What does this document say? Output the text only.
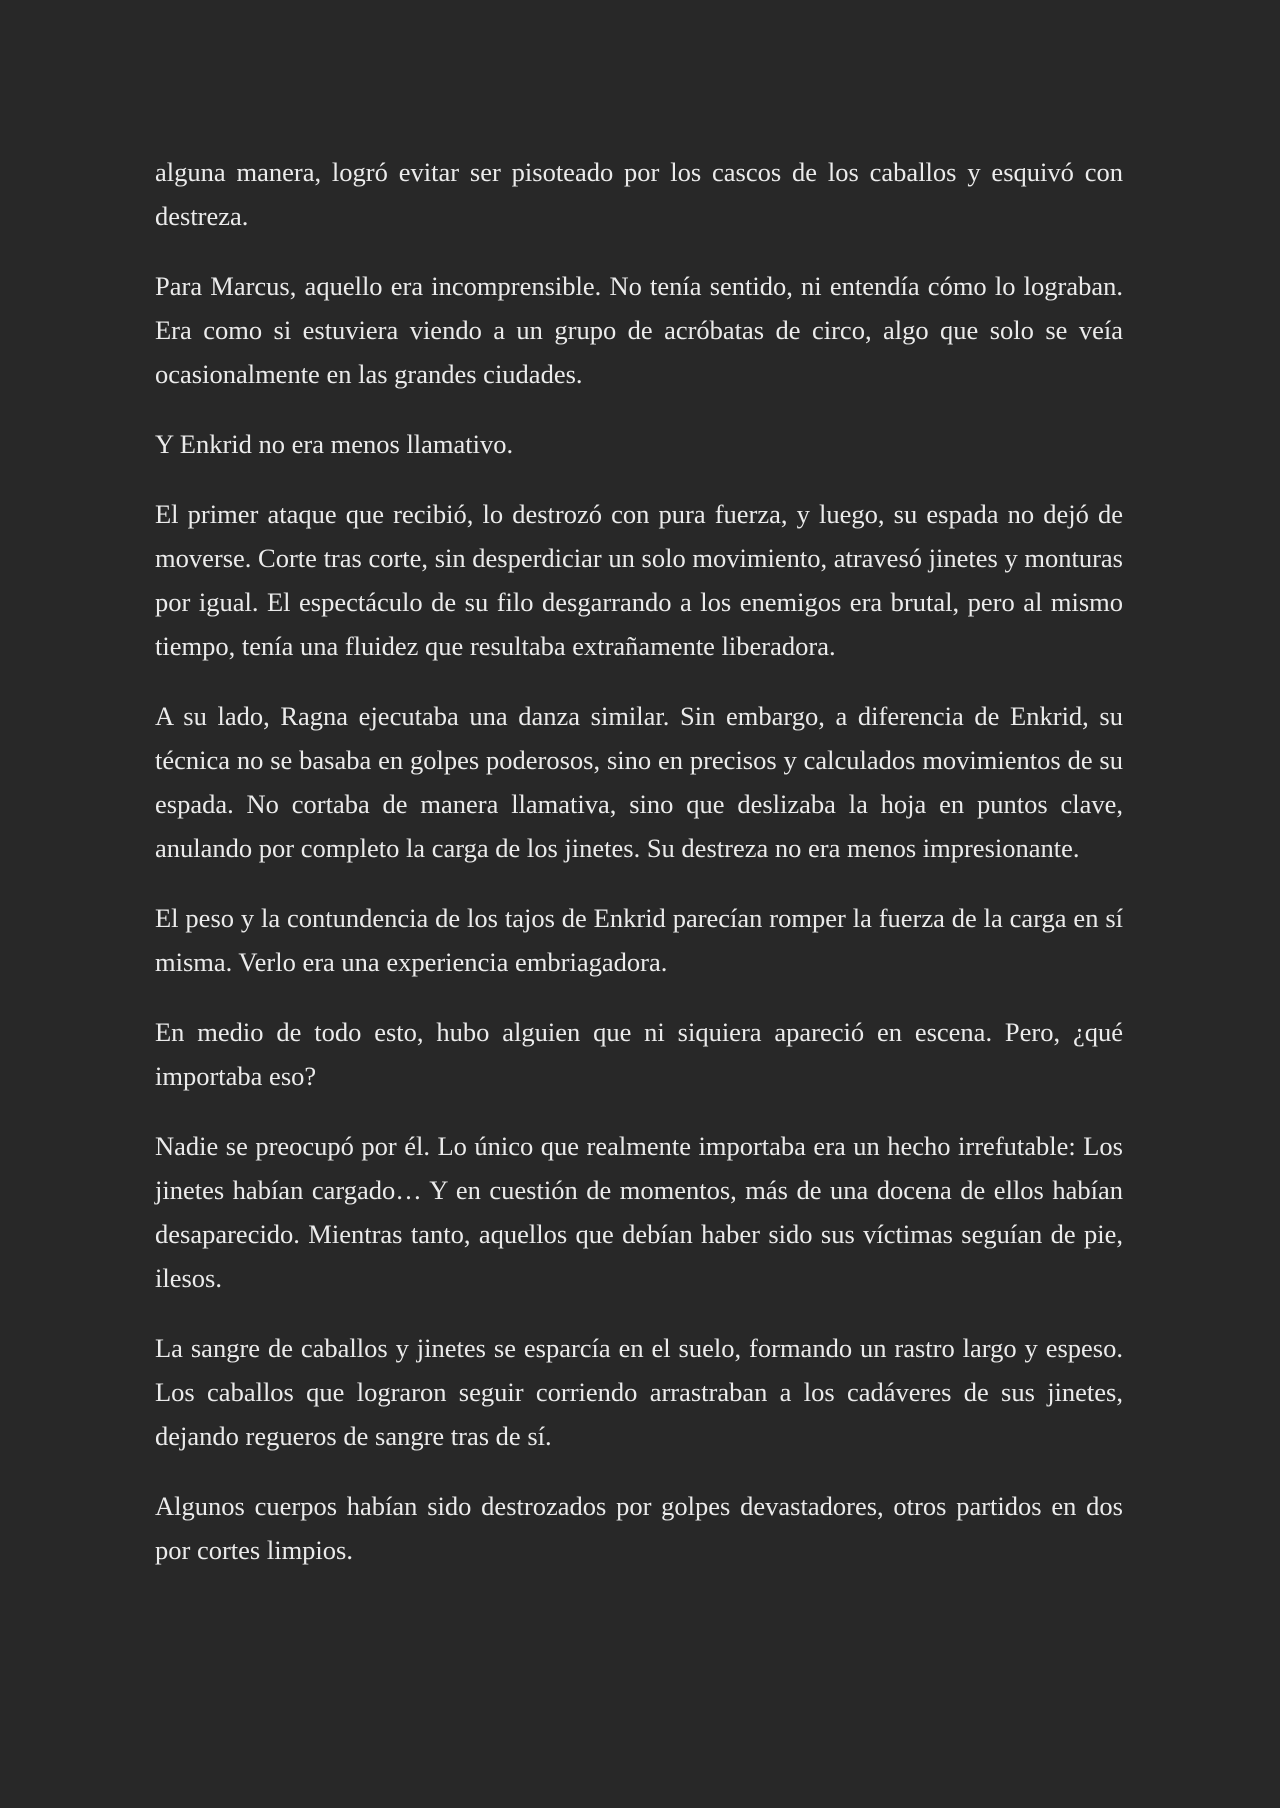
alguna manera, logró evitar ser pisoteado por los cascos de los caballos y esquivó con destreza.

Para Marcus, aquello era incomprensible. No tenía sentido, ni entendía cómo lo lograban. Era como si estuviera viendo a un grupo de acróbatas de circo, algo que solo se veía ocasionalmente en las grandes ciudades.

Y Enkrid no era menos llamativo.

El primer ataque que recibió, lo destrozó con pura fuerza, y luego, su espada no dejó de moverse. Corte tras corte, sin desperdiciar un solo movimiento, atravesó jinetes y monturas por igual. El espectáculo de su filo desgarrando a los enemigos era brutal, pero al mismo tiempo, tenía una fluidez que resultaba extrañamente liberadora.

A su lado, Ragna ejecutaba una danza similar. Sin embargo, a diferencia de Enkrid, su técnica no se basaba en golpes poderosos, sino en precisos y calculados movimientos de su espada. No cortaba de manera llamativa, sino que deslizaba la hoja en puntos clave, anulando por completo la carga de los jinetes. Su destreza no era menos impresionante.

El peso y la contundencia de los tajos de Enkrid parecían romper la fuerza de la carga en sí misma. Verlo era una experiencia embriagadora.

En medio de todo esto, hubo alguien que ni siquiera apareció en escena. Pero, ¿qué importaba eso?

Nadie se preocupó por él. Lo único que realmente importaba era un hecho irrefutable: Los jinetes habían cargado… Y en cuestión de momentos, más de una docena de ellos habían desaparecido. Mientras tanto, aquellos que debían haber sido sus víctimas seguían de pie, ilesos.

La sangre de caballos y jinetes se esparcía en el suelo, formando un rastro largo y espeso. Los caballos que lograron seguir corriendo arrastraban a los cadáveres de sus jinetes, dejando regueros de sangre tras de sí.

Algunos cuerpos habían sido destrozados por golpes devastadores, otros partidos en dos por cortes limpios.
